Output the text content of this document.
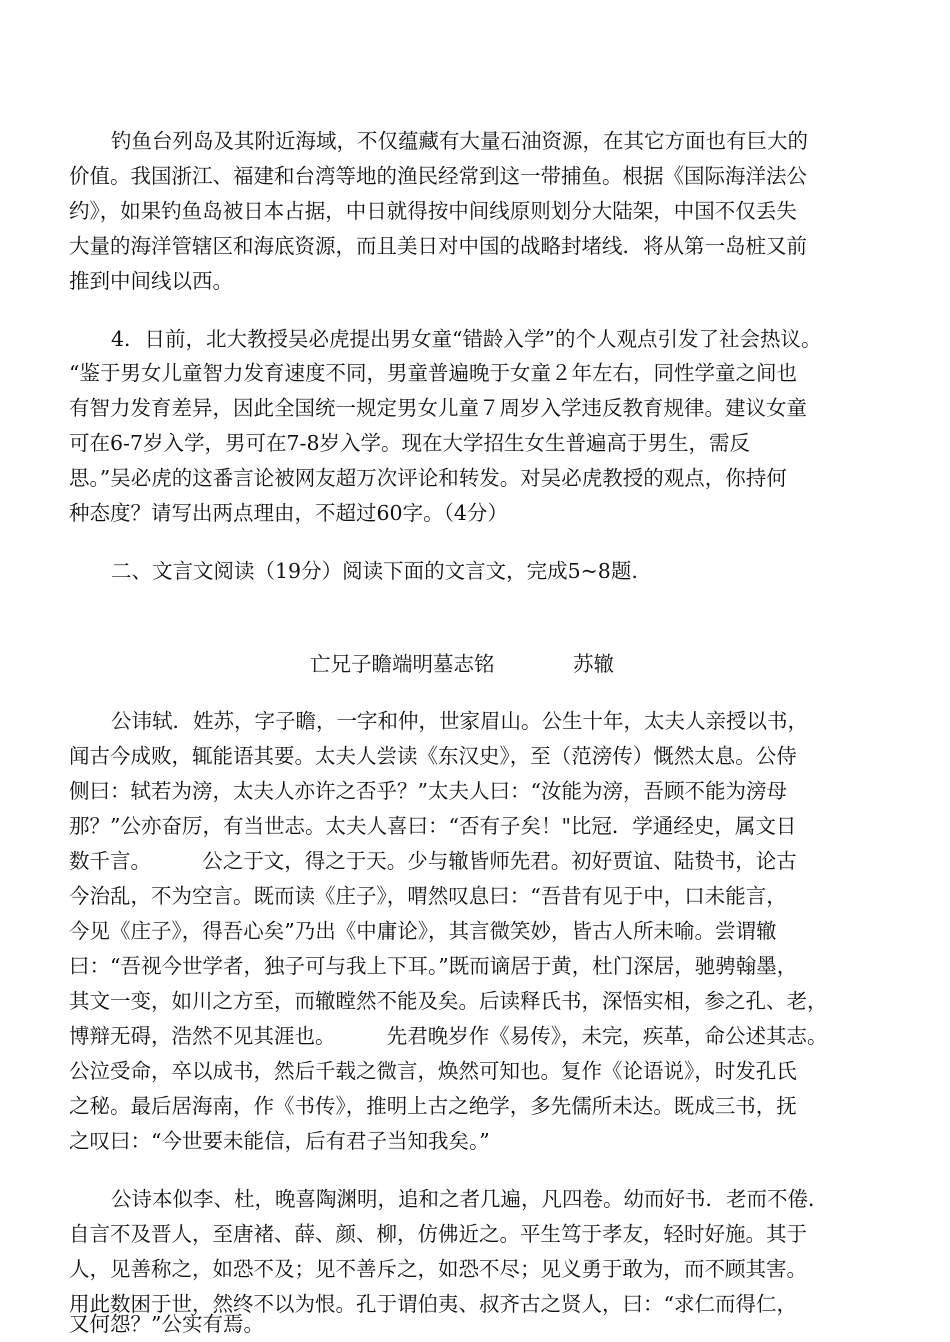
钓鱼台列岛及其附近海域，不仅蕴藏有大量石油资源，在其它方面也有巨大的
价值。我国浙江、福建和台湾等地的渔民经常到这一带捕鱼。根据《国际海洋法公
约》，如果钓鱼岛被日本占据，中日就得按中间线原则划分大陆架，中国不仅丢失
大量的海洋管辖区和海底资源，而且美日对中国的战略封堵线．将从第一岛桩又前
推到中间线以西。
4．日前，北大教授吴必虎提出男女童“错龄入学”的个人观点引发了社会热议。
“鉴于男女儿童智力发育速度不同，男童普遍晚于女童２年左右，同性学童之间也
有智力发育差异，因此全国统一规定男女儿童７周岁入学违反教育规律。建议女童
可在6-7岁入学，男可在7-8岁入学。现在大学招生女生普遍高于男生，需反
思。”吴必虎的这番言论被网友超万次评论和转发。对吴必虎教授的观点，你持何
种态度？请写出两点理由，不超过60字。（4分）
二、文言文阅读（19分）阅读下面的文言文，完成5~8题.
亡兄子瞻端明墓志铭	苏辙
公讳轼．姓苏，字子瞻，一字和仲，世家眉山。公生十年，太夫人亲授以书，
闻古今成败，辄能语其要。太夫人尝读《东汉史》，至（范滂传）慨然太息。公侍
侧曰：轼若为滂，太夫人亦许之否乎？”太夫人曰：“汝能为滂，吾顾不能为滂母
那？”公亦奋厉，有当世志。太夫人喜曰：“否有子矣！"比冠．学通经史，属文日
数千言。　　　公之于文，得之于天。少与辙皆师先君。初好贾谊、陆贽书，论古
今治乱，不为空言。既而读《庄子》，喟然叹息曰：“吾昔有见于中，口未能言，
今见《庄子》，得吾心矣”乃出《中庸论》，其言微笑妙，皆古人所未喻。尝谓辙
曰：“吾视今世学者，独子可与我上下耳。”既而谪居于黄，杜门深居，驰骋翰墨，
其文一变，如川之方至，而辙瞠然不能及矣。后读释氏书，深悟实相，参之孔、老，
博辩无碍，浩然不见其涯也。　　　先君晚岁作《易传》，未完，疾革，命公述其志。
公泣受命，卒以成书，然后千载之微言，焕然可知也。复作《论语说》，时发孔氏
之秘。最后居海南，作《书传》，推明上古之绝学，多先儒所未达。既成三书，抚
之叹曰：“今世要未能信，后有君子当知我矣。”
公诗本似李、杜，晚喜陶渊明，追和之者几遍，凡四卷。幼而好书．老而不倦．
自言不及晋人，至唐褚、薛、颜、柳，仿佛近之。平生笃于孝友，轻时好施。其于
人，见善称之，如恐不及；见不善斥之，如恐不尽；见义勇于敢为，而不顾其害。
用此数困于世，然终不以为恨。孔于谓伯夷、叔齐古之贤人，曰：“求仁而得仁，
又何怨？”公实有焉。
